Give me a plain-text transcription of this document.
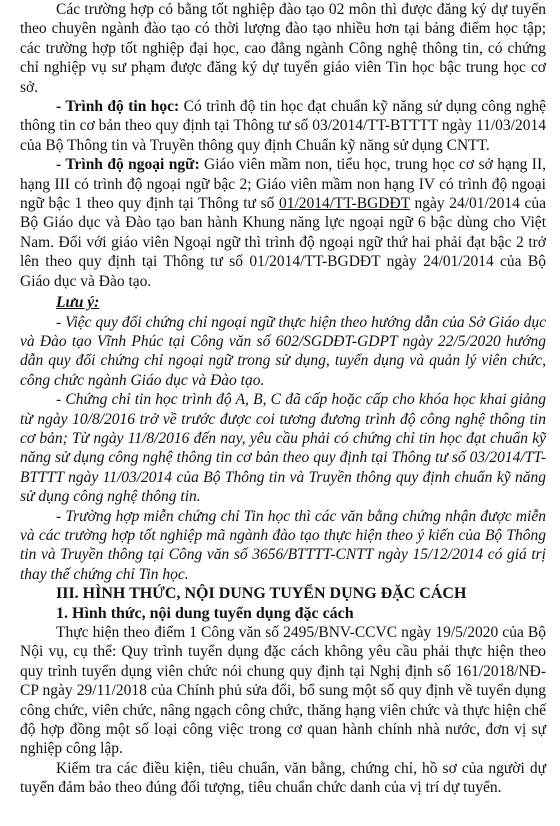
Các trường hợp có bằng tốt nghiệp đào tạo 02 môn thì được đăng ký dự tuyển theo chuyên ngành đào tạo có thời lượng đào tạo nhiều hơn tại bảng điểm học tập; các trường hợp tốt nghiệp đại học, cao đẳng ngành Công nghệ thông tin, có chứng chỉ nghiệp vụ sư phạm được đăng ký dự tuyển giáo viên Tin học bậc trung học cơ sở.

- Trình độ tin học: Có trình độ tin học đạt chuẩn kỹ năng sử dụng công nghệ thông tin cơ bản theo quy định tại Thông tư số 03/2014/TT-BTTTT ngày 11/03/2014 của Bộ Thông tin và Truyền thông quy định Chuẩn kỹ năng sử dụng CNTT.

- Trình độ ngoại ngữ: Giáo viên mầm non, tiểu học, trung học cơ sở hạng II, hạng III có trình độ ngoại ngữ bậc 2; Giáo viên mầm non hạng IV có trình độ ngoại ngữ bậc 1 theo quy định tại Thông tư số 01/2014/TT-BGDĐT ngày 24/01/2014 của Bộ Giáo dục và Đào tạo ban hành Khung năng lực ngoại ngữ 6 bậc dùng cho Việt Nam. Đối với giáo viên Ngoại ngữ thì trình độ ngoại ngữ thứ hai phải đạt bậc 2 trở lên theo quy định tại Thông tư số 01/2014/TT-BGDĐT ngày 24/01/2014 của Bộ Giáo dục và Đào tạo.

Lưu ý:

- Việc quy đổi chứng chỉ ngoại ngữ thực hiện theo hướng dẫn của Sở Giáo dục và Đào tạo Vĩnh Phúc tại Công văn số 602/SGDĐT-GDPT ngày 22/5/2020 hướng dẫn quy đổi chứng chỉ ngoại ngữ trong sử dụng, tuyển dụng và quản lý viên chức, công chức ngành Giáo dục và Đào tạo.

- Chứng chỉ tin học trình độ A, B, C đã cấp hoặc cấp cho khóa học khai giảng từ ngày 10/8/2016 trở về trước được coi tương đương trình độ công nghệ thông tin cơ bản; Từ ngày 11/8/2016 đến nay, yêu cầu phải có chứng chỉ tin học đạt chuẩn kỹ năng sử dụng công nghệ thông tin cơ bản theo quy định tại Thông tư số 03/2014/TT-BTTTT ngày 11/03/2014 của Bộ Thông tin và Truyền thông quy định chuẩn kỹ năng sử dụng công nghệ thông tin.

- Trường hợp miễn chứng chỉ Tin học thì các văn bằng chứng nhận được miễn và các trường hợp tốt nghiệp mã ngành đào tạo thực hiện theo ý kiến của Bộ Thông tin và Truyền thông tại Công văn số 3656/BTTTT-CNTT ngày 15/12/2014 có giá trị thay thế chứng chỉ Tin học.

III. HÌNH THỨC, NỘI DUNG TUYỂN DỤNG ĐẶC CÁCH

1. Hình thức, nội dung tuyển dụng đặc cách

Thực hiện theo điểm 1 Công văn số 2495/BNV-CCVC ngày 19/5/2020 của Bộ Nội vụ, cụ thể: Quy trình tuyển dụng đặc cách không yêu cầu phải thực hiện theo quy trình tuyển dụng viên chức nói chung quy định tại Nghị định số 161/2018/NĐ-CP ngày 29/11/2018 của Chính phủ sửa đổi, bổ sung một số quy định về tuyển dụng công chức, viên chức, nâng ngạch công chức, thăng hạng viên chức và thực hiện chế độ hợp đồng một số loại công việc trong cơ quan hành chính nhà nước, đơn vị sự nghiệp công lập.

Kiểm tra các điều kiện, tiêu chuẩn, văn bằng, chứng chỉ, hồ sơ của người dự tuyển đảm bảo theo đúng đối tượng, tiêu chuẩn chức danh của vị trí dự tuyển.
